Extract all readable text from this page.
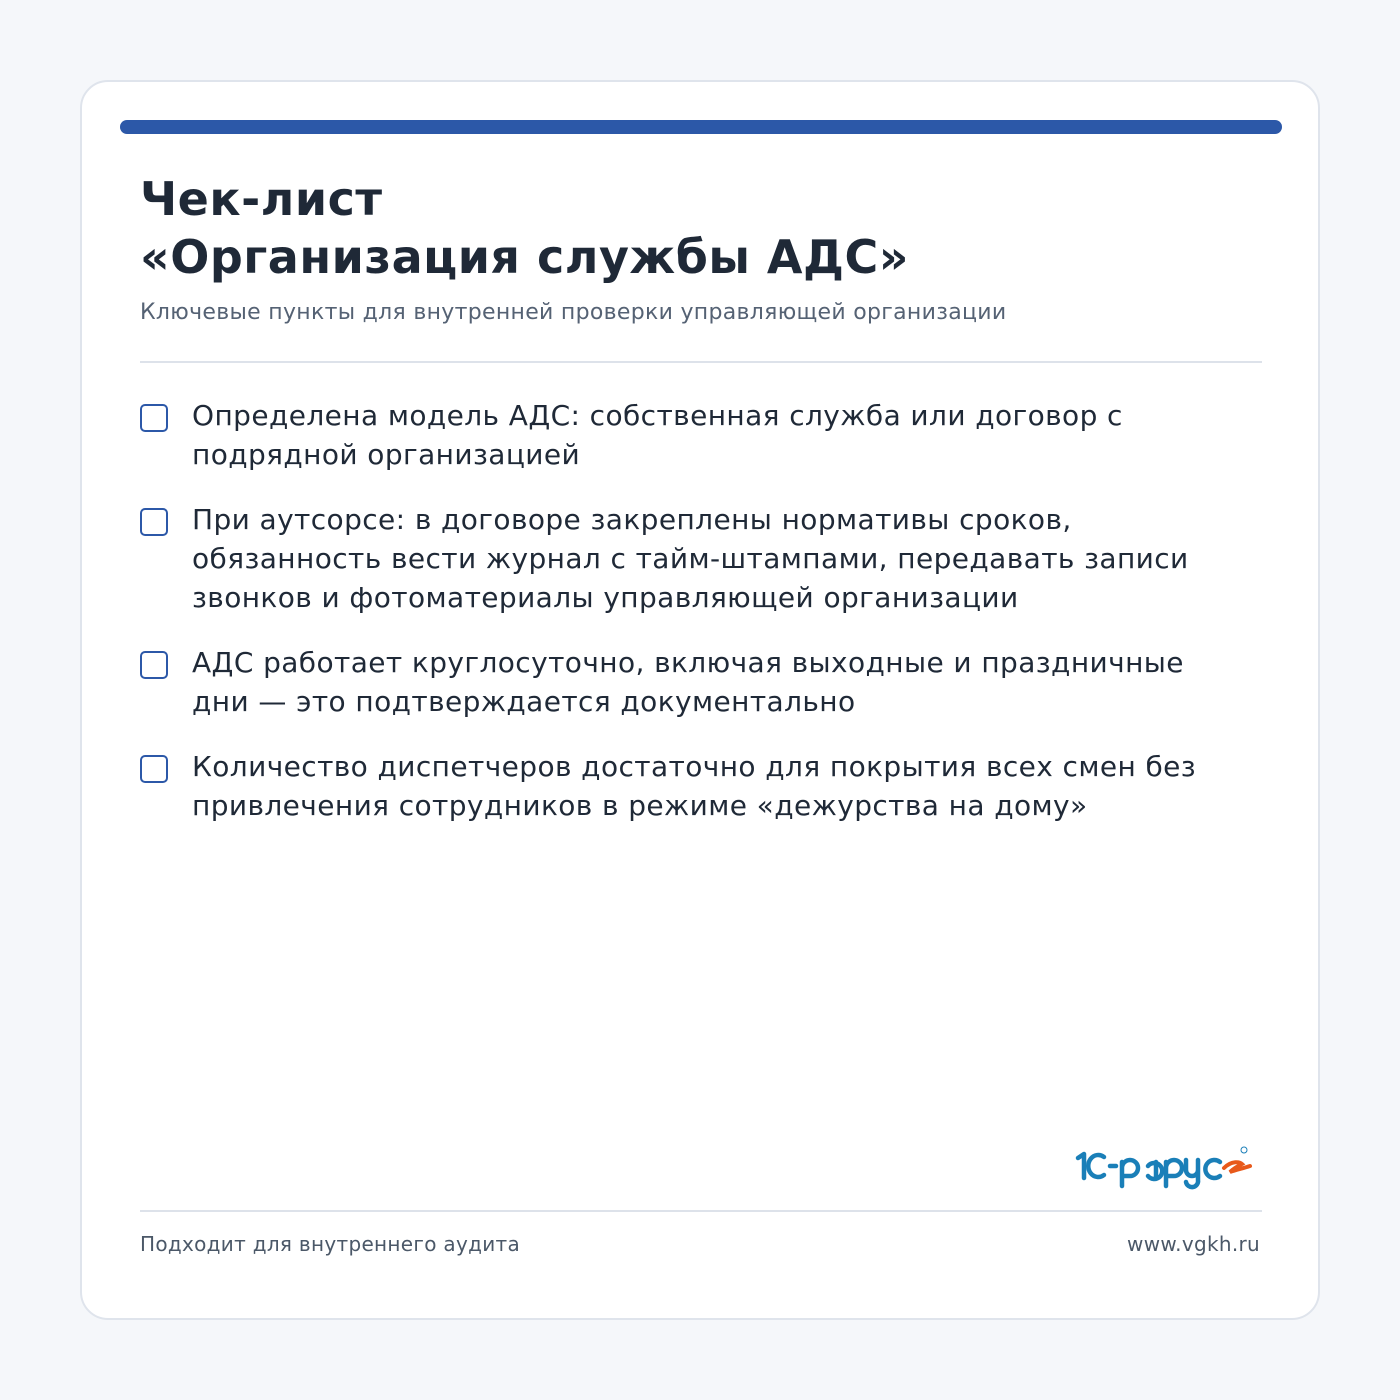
Чек-лист
«Организация службы АДС»

Ключевые пункты для внутренней проверки управляющей организации

Определена модель АДС: собственная служба или договор с подрядной организацией
При аутсорсе: в договоре закреплены нормативы сроков, обязанность вести журнал с тайм-штампами, передавать записи звонков и фотоматериалы управляющей организации
АДС работает круглосуточно, включая выходные и праздничные дни — это подтверждается документально
Количество диспетчеров достаточно для покрытия всех смен без привлечения сотрудников в режиме «дежурства на дому»
Подходит для внутреннего аудита	www.vgkh.ru
